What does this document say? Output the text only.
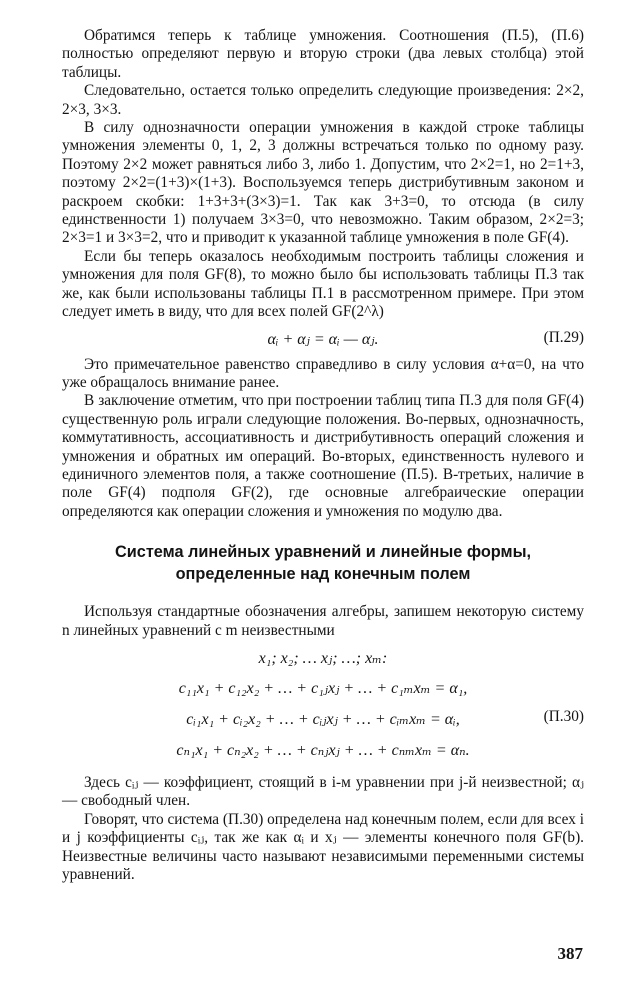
Обратимся теперь к таблице умножения. Соотношения (П.5), (П.6) полностью определяют первую и вторую строки (два левых столбца) этой таблицы.

Следовательно, остается только определить следующие произведения: 2×2, 2×3, 3×3.

В силу однозначности операции умножения в каждой строке таблицы умножения элементы 0, 1, 2, 3 должны встречаться только по одному разу. Поэтому 2×2 может равняться либо 3, либо 1. Допустим, что 2×2=1, но 2=1+3, поэтому 2×2=(1+3)×(1+3). Воспользуемся теперь дистрибутивным законом и раскроем скобки: 1+3+3+(3×3)=1. Так как 3+3=0, то отсюда (в силу единственности 1) получаем 3×3=0, что невозможно. Таким образом, 2×2=3; 2×3=1 и 3×3=2, что и приводит к указанной таблице умножения в поле GF(4).

Если бы теперь оказалось необходимым построить таблицы сложения и умножения для поля GF(8), то можно было бы использовать таблицы П.3 так же, как были использованы таблицы П.1 в рассмотренном примере. При этом следует иметь в виду, что для всех полей GF(2^λ)

αᵢ + αⱼ = αᵢ — αⱼ.	(П.29)

Это примечательное равенство справедливо в силу условия α+α=0, на что уже обращалось внимание ранее.

В заключение отметим, что при построении таблиц типа П.3 для поля GF(4) существенную роль играли следующие положения. Во-первых, однозначность, коммутативность, ассоциативность и дистрибутивность операций сложения и умножения и обратных им операций. Во-вторых, единственность нулевого и единичного элементов поля, а также соотношение (П.5). В-третьих, наличие в поле GF(4) подполя GF(2), где основные алгебраические операции определяются как операции сложения и умножения по модулю два.

Система линейных уравнений и линейные формы,

определенные над конечным полем

Используя стандартные обозначения алгебры, запишем некоторую систему n линейных уравнений с m неизвестными

x₁; x₂; … xⱼ; …; xₘ:
c₁₁x₁ + c₁₂x₂ + … + c₁ⱼxⱼ + … + c₁ₘxₘ = α₁,
cᵢ₁x₁ + cᵢ₂x₂ + … + cᵢⱼxⱼ + … + cᵢₘxₘ = αᵢ,
cₙ₁x₁ + cₙ₂x₂ + … + cₙⱼxⱼ + … + cₙₘxₘ = αₙ.
(П.30)

Здесь cᵢⱼ — коэффициент, стоящий в i-м уравнении при j-й неизвестной; αⱼ — свободный член.

Говорят, что система (П.30) определена над конечным полем, если для всех i и j коэффициенты cᵢⱼ, так же как αᵢ и xⱼ — элементы конечного поля GF(b). Неизвестные величины часто называют независимыми переменными системы уравнений.

387
